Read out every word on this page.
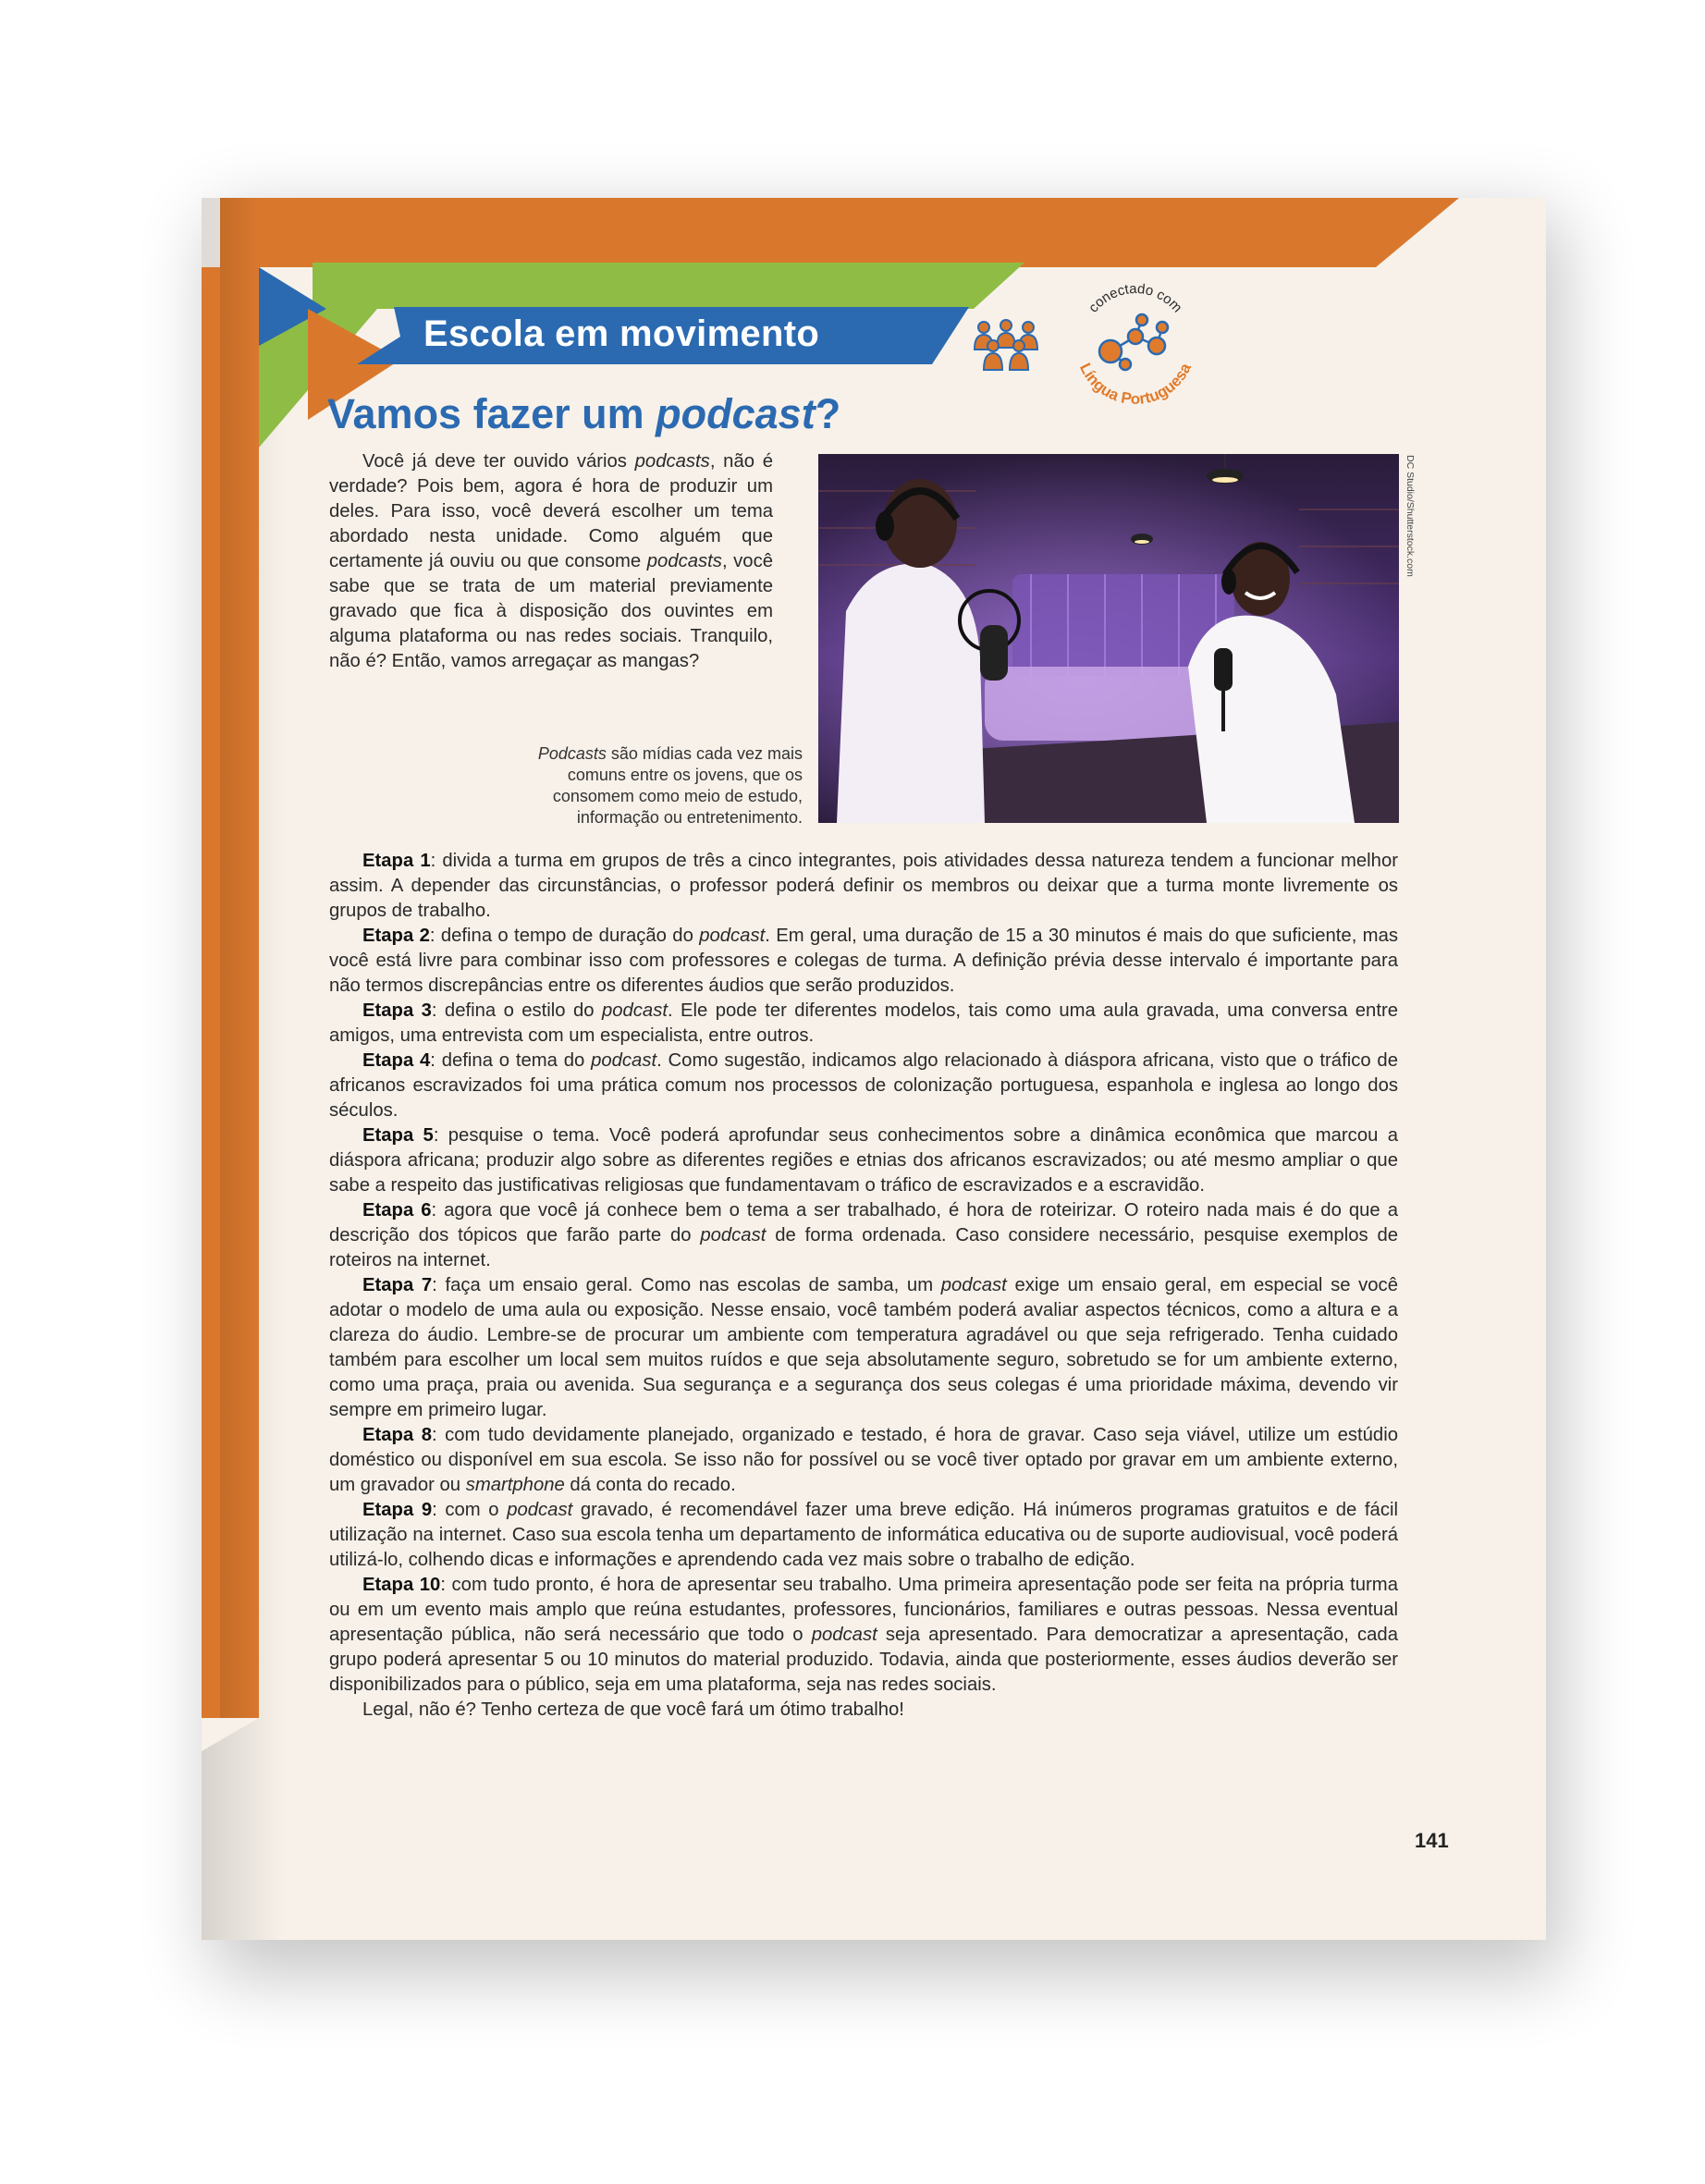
Escola em movimento
conectado com
Língua Portuguesa
Vamos fazer um podcast?

Você já deve ter ouvido vários podcasts, não é verdade? Pois bem, agora é hora de produzir um deles. Para isso, você deverá escolher um tema abordado nesta unidade. Como alguém que certamente já ouviu ou que consome podcasts, você sabe que se trata de um material previamente gravado que fica à disposição dos ouvintes em alguma plataforma ou nas redes sociais. Tranquilo, não é? Então, vamos arregaçar as mangas?

DC Studio/Shutterstock.com

Podcasts são mídias cada vez mais comuns entre os jovens, que os consomem como meio de estudo, informação ou entretenimento.

Etapa 1: divida a turma em grupos de três a cinco integrantes, pois atividades dessa natureza tendem a funcionar melhor assim. A depender das circunstâncias, o professor poderá definir os membros ou deixar que a turma monte livremente os grupos de trabalho.

Etapa 2: defina o tempo de duração do podcast. Em geral, uma duração de 15 a 30 minutos é mais do que suficiente, mas você está livre para combinar isso com professores e colegas de turma. A definição prévia desse intervalo é importante para não termos discrepâncias entre os diferentes áudios que serão produzidos.

Etapa 3: defina o estilo do podcast. Ele pode ter diferentes modelos, tais como uma aula gravada, uma conversa entre amigos, uma entrevista com um especialista, entre outros.

Etapa 4: defina o tema do podcast. Como sugestão, indicamos algo relacionado à diáspora africana, visto que o tráfico de africanos escravizados foi uma prática comum nos processos de colonização portuguesa, espanhola e inglesa ao longo dos séculos.

Etapa 5: pesquise o tema. Você poderá aprofundar seus conhecimentos sobre a dinâmica econômica que marcou a diáspora africana; produzir algo sobre as diferentes regiões e etnias dos africanos escravizados; ou até mesmo ampliar o que sabe a respeito das justificativas religiosas que fundamentavam o tráfico de escravizados e a escravidão.

Etapa 6: agora que você já conhece bem o tema a ser trabalhado, é hora de roteirizar. O roteiro nada mais é do que a descrição dos tópicos que farão parte do podcast de forma ordenada. Caso considere necessário, pesquise exemplos de roteiros na internet.

Etapa 7: faça um ensaio geral. Como nas escolas de samba, um podcast exige um ensaio geral, em especial se você adotar o modelo de uma aula ou exposição. Nesse ensaio, você também poderá avaliar aspectos técnicos, como a altura e a clareza do áudio. Lembre-se de procurar um ambiente com temperatura agradável ou que seja refrigerado. Tenha cuidado também para escolher um local sem muitos ruídos e que seja absolutamente seguro, sobretudo se for um ambiente externo, como uma praça, praia ou avenida. Sua segurança e a segurança dos seus colegas é uma prioridade máxima, devendo vir sempre em primeiro lugar.

Etapa 8: com tudo devidamente planejado, organizado e testado, é hora de gravar. Caso seja viável, utilize um estúdio doméstico ou disponível em sua escola. Se isso não for possível ou se você tiver optado por gravar em um ambiente externo, um gravador ou smartphone dá conta do recado.

Etapa 9: com o podcast gravado, é recomendável fazer uma breve edição. Há inúmeros programas gratuitos e de fácil utilização na internet. Caso sua escola tenha um departamento de informática educativa ou de suporte audiovisual, você poderá utilizá-lo, colhendo dicas e informações e aprendendo cada vez mais sobre o trabalho de edição.

Etapa 10: com tudo pronto, é hora de apresentar seu trabalho. Uma primeira apresentação pode ser feita na própria turma ou em um evento mais amplo que reúna estudantes, professores, funcionários, familiares e outras pessoas. Nessa eventual apresentação pública, não será necessário que todo o podcast seja apresentado. Para democratizar a apresentação, cada grupo poderá apresentar 5 ou 10 minutos do material produzido. Todavia, ainda que posteriormente, esses áudios deverão ser disponibilizados para o público, seja em uma plataforma, seja nas redes sociais.

Legal, não é? Tenho certeza de que você fará um ótimo trabalho!

141
